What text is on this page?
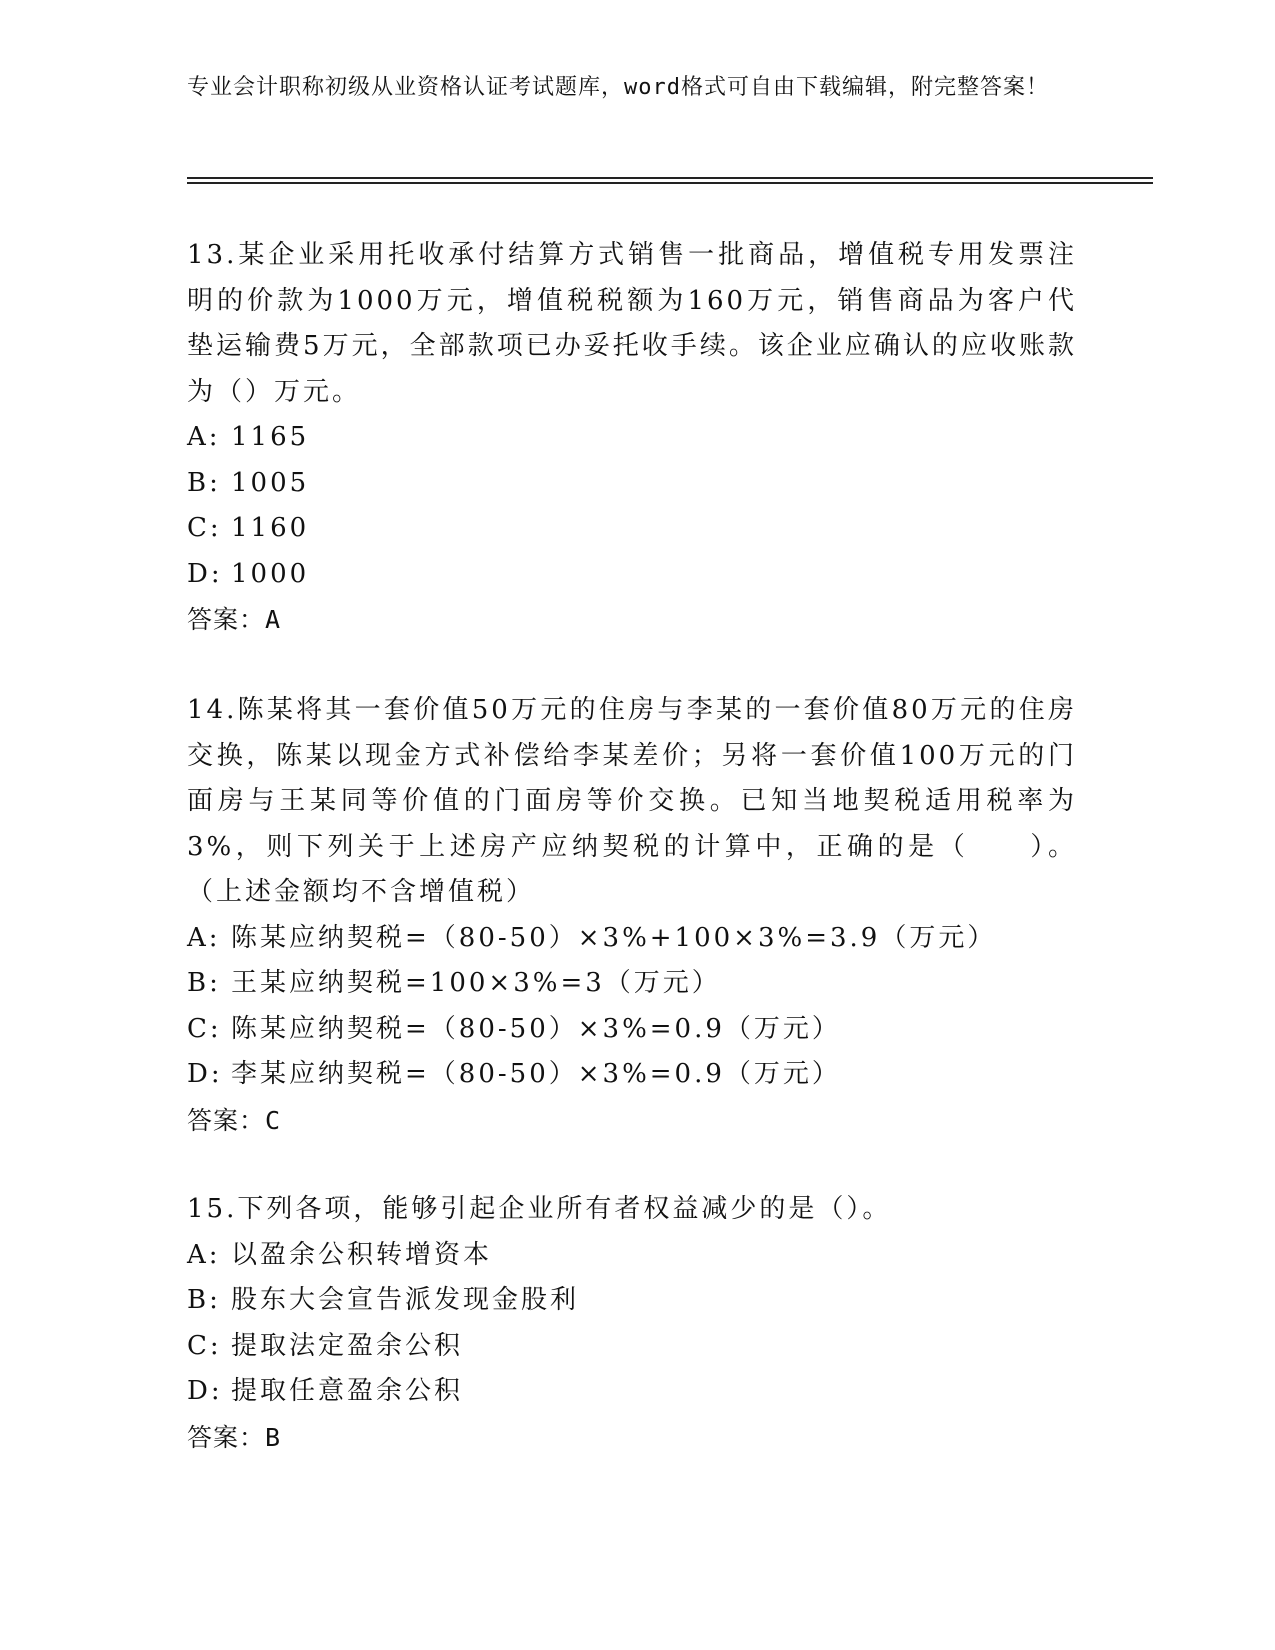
专业会计职称初级从业资格认证考试题库，word格式可自由下载编辑，附完整答案！
13.某企业采用托收承付结算方式销售一批商品，增值税专用发票注明的价款为1000万元，增值税税额为160万元，销售商品为客户代垫运输费5万元，全部款项已办妥托收手续。该企业应确认的应收账款为（）万元。
A: 1165
B: 1005
C: 1160
D: 1000
答案：A
14.陈某将其一套价值50万元的住房与李某的一套价值80万元的住房交换，陈某以现金方式补偿给李某差价；另将一套价值100万元的门面房与王某同等价值的门面房等价交换。已知当地契税适用税率为3%，则下列关于上述房产应纳契税的计算中，正确的是（　　）。（上述金额均不含增值税）
A: 陈某应纳契税=（80-50）×3%+100×3%=3.9（万元）
B: 王某应纳契税=100×3%=3（万元）
C: 陈某应纳契税=（80-50）×3%=0.9（万元）
D: 李某应纳契税=（80-50）×3%=0.9（万元）
答案：C
15.下列各项，能够引起企业所有者权益减少的是（）。
A: 以盈余公积转增资本
B: 股东大会宣告派发现金股利
C: 提取法定盈余公积
D: 提取任意盈余公积
答案：B
